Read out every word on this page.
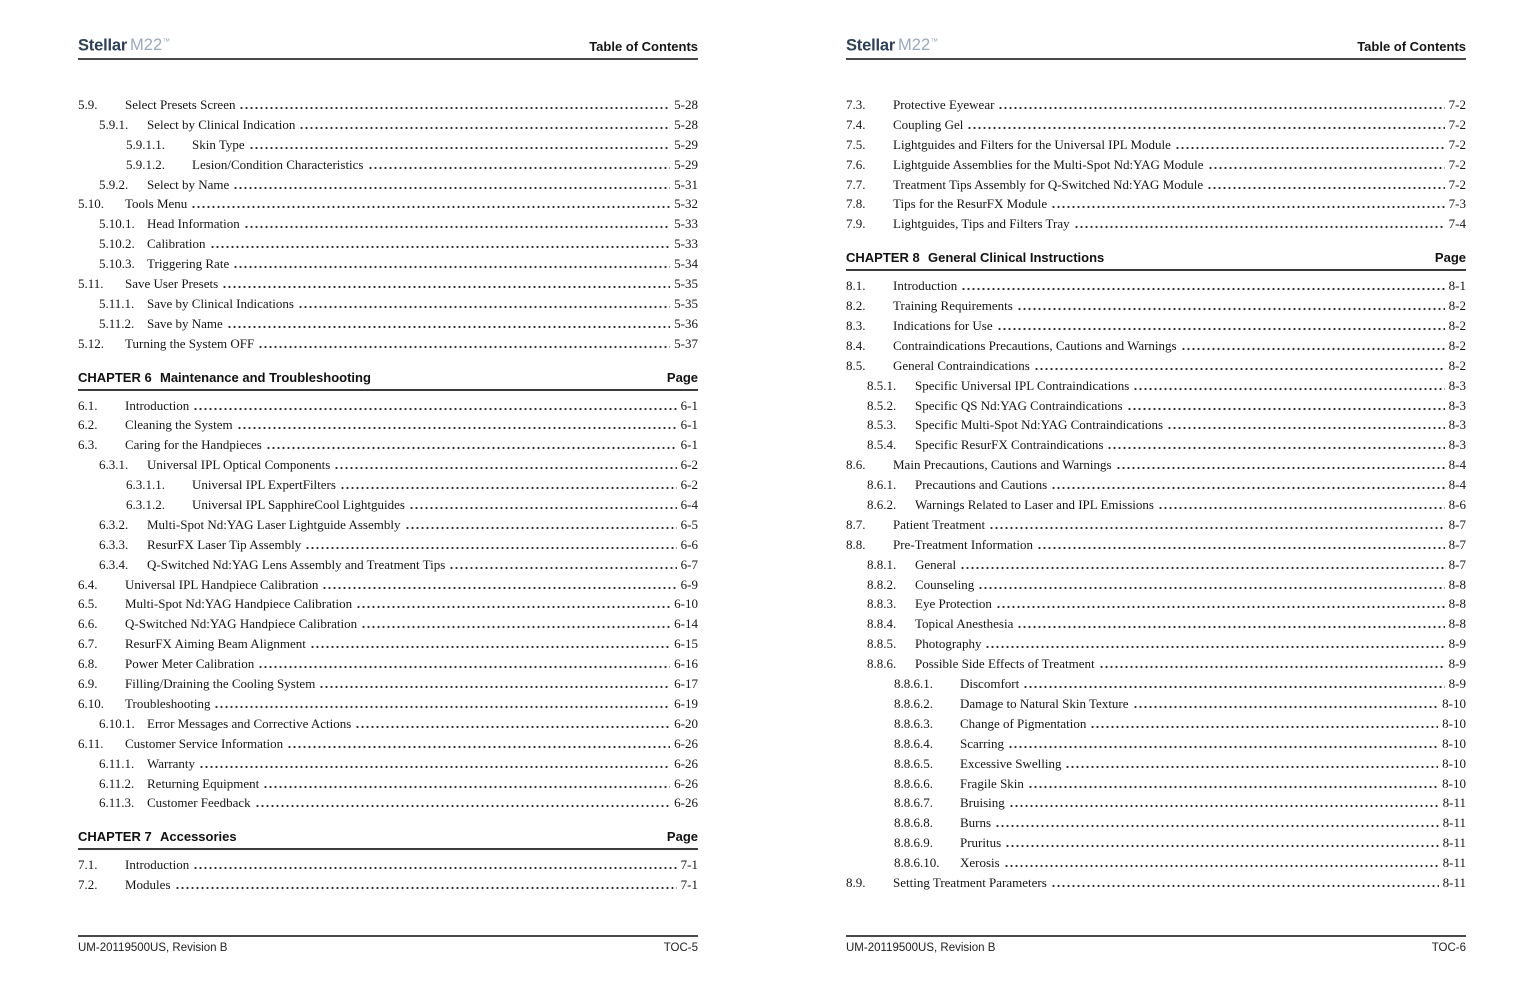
Stellar M22™	Table of Contents
5.9.	Select Presets Screen	5-28
5.9.1.	Select by Clinical Indication	5-28
5.9.1.1.	Skin Type	5-29
5.9.1.2.	Lesion/Condition Characteristics	5-29
5.9.2.	Select by Name	5-31
5.10.	Tools Menu	5-32
5.10.1. Head Information	5-33
5.10.2. Calibration	5-33
5.10.3. Triggering Rate	5-34
5.11.	Save User Presets	5-35
5.11.1. Save by Clinical Indications	5-35
5.11.2. Save by Name	5-36
5.12.	Turning the System OFF	5-37
CHAPTER 6 Maintenance and Troubleshooting	Page
6.1.	Introduction	6-1
6.2.	Cleaning the System	6-1
6.3.	Caring for the Handpieces	6-1
6.3.1.	Universal IPL Optical Components	6-2
6.3.1.1.	Universal IPL ExpertFilters	6-2
6.3.1.2.	Universal IPL SapphireCool Lightguides	6-4
6.3.2.	Multi-Spot Nd:YAG Laser Lightguide Assembly	6-5
6.3.3.	ResurFX Laser Tip Assembly	6-6
6.3.4.	Q-Switched Nd:YAG Lens Assembly and Treatment Tips	6-7
6.4.	Universal IPL Handpiece Calibration	6-9
6.5.	Multi-Spot Nd:YAG Handpiece Calibration	6-10
6.6.	Q-Switched Nd:YAG Handpiece Calibration	6-14
6.7.	ResurFX Aiming Beam Alignment	6-15
6.8.	Power Meter Calibration	6-16
6.9.	Filling/Draining the Cooling System	6-17
6.10.	Troubleshooting	6-19
6.10.1. Error Messages and Corrective Actions	6-20
6.11.	Customer Service Information	6-26
6.11.1. Warranty	6-26
6.11.2. Returning Equipment	6-26
6.11.3. Customer Feedback	6-26
CHAPTER 7 Accessories	Page
7.1.	Introduction	7-1
7.2.	Modules	7-1
UM-20119500US, Revision B	TOC-5
Stellar M22™	Table of Contents
7.3.	Protective Eyewear	7-2
7.4.	Coupling Gel	7-2
7.5.	Lightguides and Filters for the Universal IPL Module	7-2
7.6.	Lightguide Assemblies for the Multi-Spot Nd:YAG Module	7-2
7.7.	Treatment Tips Assembly for Q-Switched Nd:YAG Module	7-2
7.8.	Tips for the ResurFX Module	7-3
7.9.	Lightguides, Tips and Filters Tray	7-4
CHAPTER 8 General Clinical Instructions	Page
8.1.	Introduction	8-1
8.2.	Training Requirements	8-2
8.3.	Indications for Use	8-2
8.4.	Contraindications Precautions, Cautions and Warnings	8-2
8.5.	General Contraindications	8-2
8.5.1.	Specific Universal IPL Contraindications	8-3
8.5.2.	Specific QS Nd:YAG Contraindications	8-3
8.5.3.	Specific Multi-Spot Nd:YAG Contraindications	8-3
8.5.4.	Specific ResurFX Contraindications	8-3
8.6.	Main Precautions, Cautions and Warnings	8-4
8.6.1.	Precautions and Cautions	8-4
8.6.2.	Warnings Related to Laser and IPL Emissions	8-6
8.7.	Patient Treatment	8-7
8.8.	Pre-Treatment Information	8-7
8.8.1.	General	8-7
8.8.2.	Counseling	8-8
8.8.3.	Eye Protection	8-8
8.8.4.	Topical Anesthesia	8-8
8.8.5.	Photography	8-9
8.8.6.	Possible Side Effects of Treatment	8-9
8.8.6.1.	Discomfort	8-9
8.8.6.2.	Damage to Natural Skin Texture	8-10
8.8.6.3.	Change of Pigmentation	8-10
8.8.6.4.	Scarring	8-10
8.8.6.5.	Excessive Swelling	8-10
8.8.6.6.	Fragile Skin	8-10
8.8.6.7.	Bruising	8-11
8.8.6.8.	Burns	8-11
8.8.6.9.	Pruritus	8-11
8.8.6.10.	Xerosis	8-11
8.9.	Setting Treatment Parameters	8-11
UM-20119500US, Revision B	TOC-6
